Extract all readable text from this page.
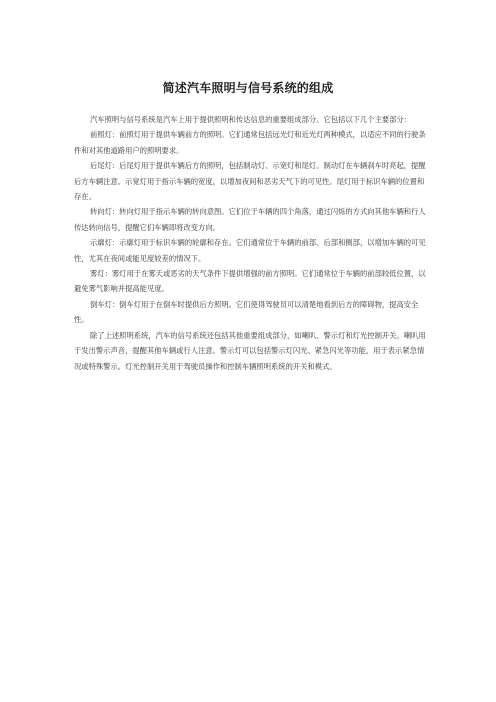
简述汽车照明与信号系统的组成

汽车照明与信号系统是汽车上用于提供照明和传达信息的重要组成部分。它包括以下几个主要部分：

前照灯：前照灯用于提供车辆前方的照明。它们通常包括远光灯和近光灯两种模式，以适应不同的行驶条件和对其他道路用户的照明要求。

后尾灯：后尾灯用于提供车辆后方的照明，包括制动灯、示宽灯和尾灯。制动灯在车辆刹车时亮起，提醒后方车辆注意。示宽灯用于指示车辆的宽度，以增加夜间和恶劣天气下的可见性。尾灯用于标识车辆的位置和存在。

转向灯：转向灯用于指示车辆的转向意图。它们位于车辆的四个角落，通过闪烁的方式向其他车辆和行人传达转向信号，提醒它们车辆即将改变方向。

示廓灯：示廓灯用于标识车辆的轮廓和存在。它们通常位于车辆的前部、后部和侧部，以增加车辆的可见性，尤其在夜间或能见度较差的情况下。

雾灯：雾灯用于在雾天或恶劣的天气条件下提供增强的前方照明。它们通常位于车辆的前部较低位置，以避免雾气影响并提高能见度。

倒车灯：倒车灯用于在倒车时提供后方照明。它们使得驾驶员可以清楚地看到后方的障碍物，提高安全性。

除了上述照明系统，汽车的信号系统还包括其他重要组成部分，如喇叭、警示灯和灯光控制开关。喇叭用于发出警示声音，提醒其他车辆或行人注意。警示灯可以包括警示灯闪光、紧急闪光等功能，用于表示紧急情况或特殊警示。灯光控制开关用于驾驶员操作和控制车辆照明系统的开关和模式。
